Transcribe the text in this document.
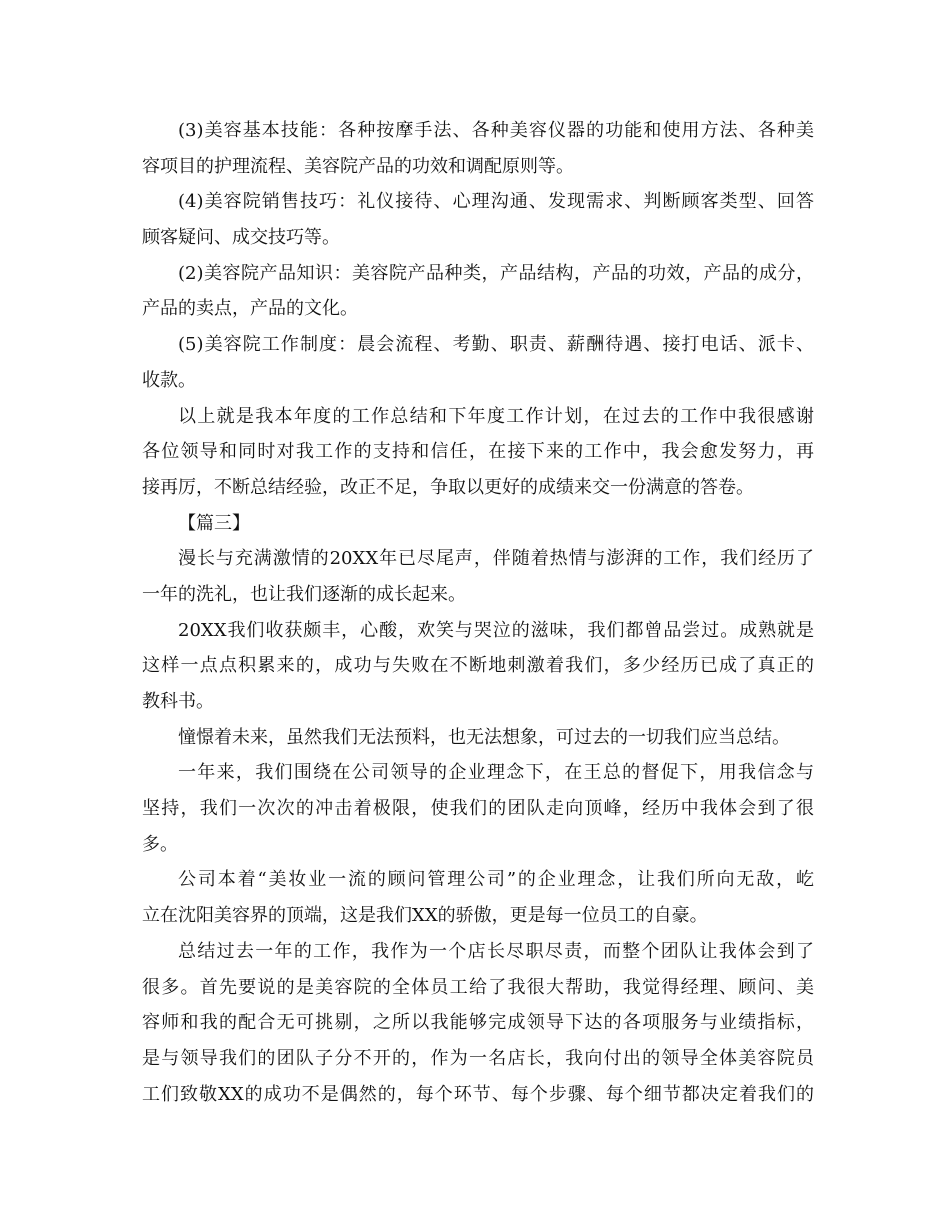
(3)美容基本技能：各种按摩手法、各种美容仪器的功能和使用方法、各种美
容项目的护理流程、美容院产品的功效和调配原则等。
(4)美容院销售技巧：礼仪接待、心理沟通、发现需求、判断顾客类型、回答
顾客疑问、成交技巧等。
(2)美容院产品知识：美容院产品种类，产品结构，产品的功效，产品的成分，
产品的卖点，产品的文化。
(5)美容院工作制度：晨会流程、考勤、职责、薪酬待遇、接打电话、派卡、
收款。
以上就是我本年度的工作总结和下年度工作计划，在过去的工作中我很感谢
各位领导和同时对我工作的支持和信任，在接下来的工作中，我会愈发努力，再
接再厉，不断总结经验，改正不足，争取以更好的成绩来交一份满意的答卷。
【篇三】
漫长与充满激情的20XX年已尽尾声，伴随着热情与澎湃的工作，我们经历了
一年的洗礼，也让我们逐渐的成长起来。
20XX我们收获颇丰，心酸，欢笑与哭泣的滋味，我们都曾品尝过。成熟就是
这样一点点积累来的，成功与失败在不断地刺激着我们，多少经历已成了真正的
教科书。
憧憬着未来，虽然我们无法预料，也无法想象，可过去的一切我们应当总结。
一年来，我们围绕在公司领导的企业理念下，在王总的督促下，用我信念与
坚持，我们一次次的冲击着极限，使我们的团队走向顶峰，经历中我体会到了很
多。
公司本着“美妆业一流的顾问管理公司”的企业理念，让我们所向无敌，屹
立在沈阳美容界的顶端，这是我们XX的骄傲，更是每一位员工的自豪。
总结过去一年的工作，我作为一个店长尽职尽责，而整个团队让我体会到了
很多。首先要说的是美容院的全体员工给了我很大帮助，我觉得经理、顾问、美
容师和我的配合无可挑剔，之所以我能够完成领导下达的各项服务与业绩指标，
是与领导我们的团队子分不开的，作为一名店长，我向付出的领导全体美容院员
工们致敬XX的成功不是偶然的，每个环节、每个步骤、每个细节都决定着我们的
